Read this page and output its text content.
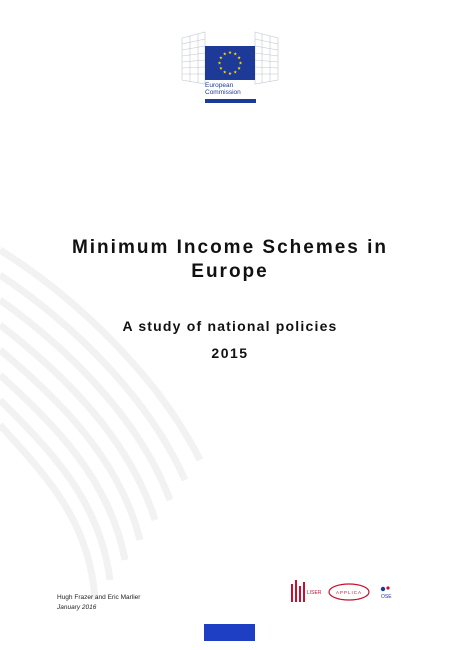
European
Commission
Minimum Income Schemes in
Europe
A study of national policies
2015
Hugh Frazer and Eric Marlier
January 2016
LISER	APPLICA
OSE
